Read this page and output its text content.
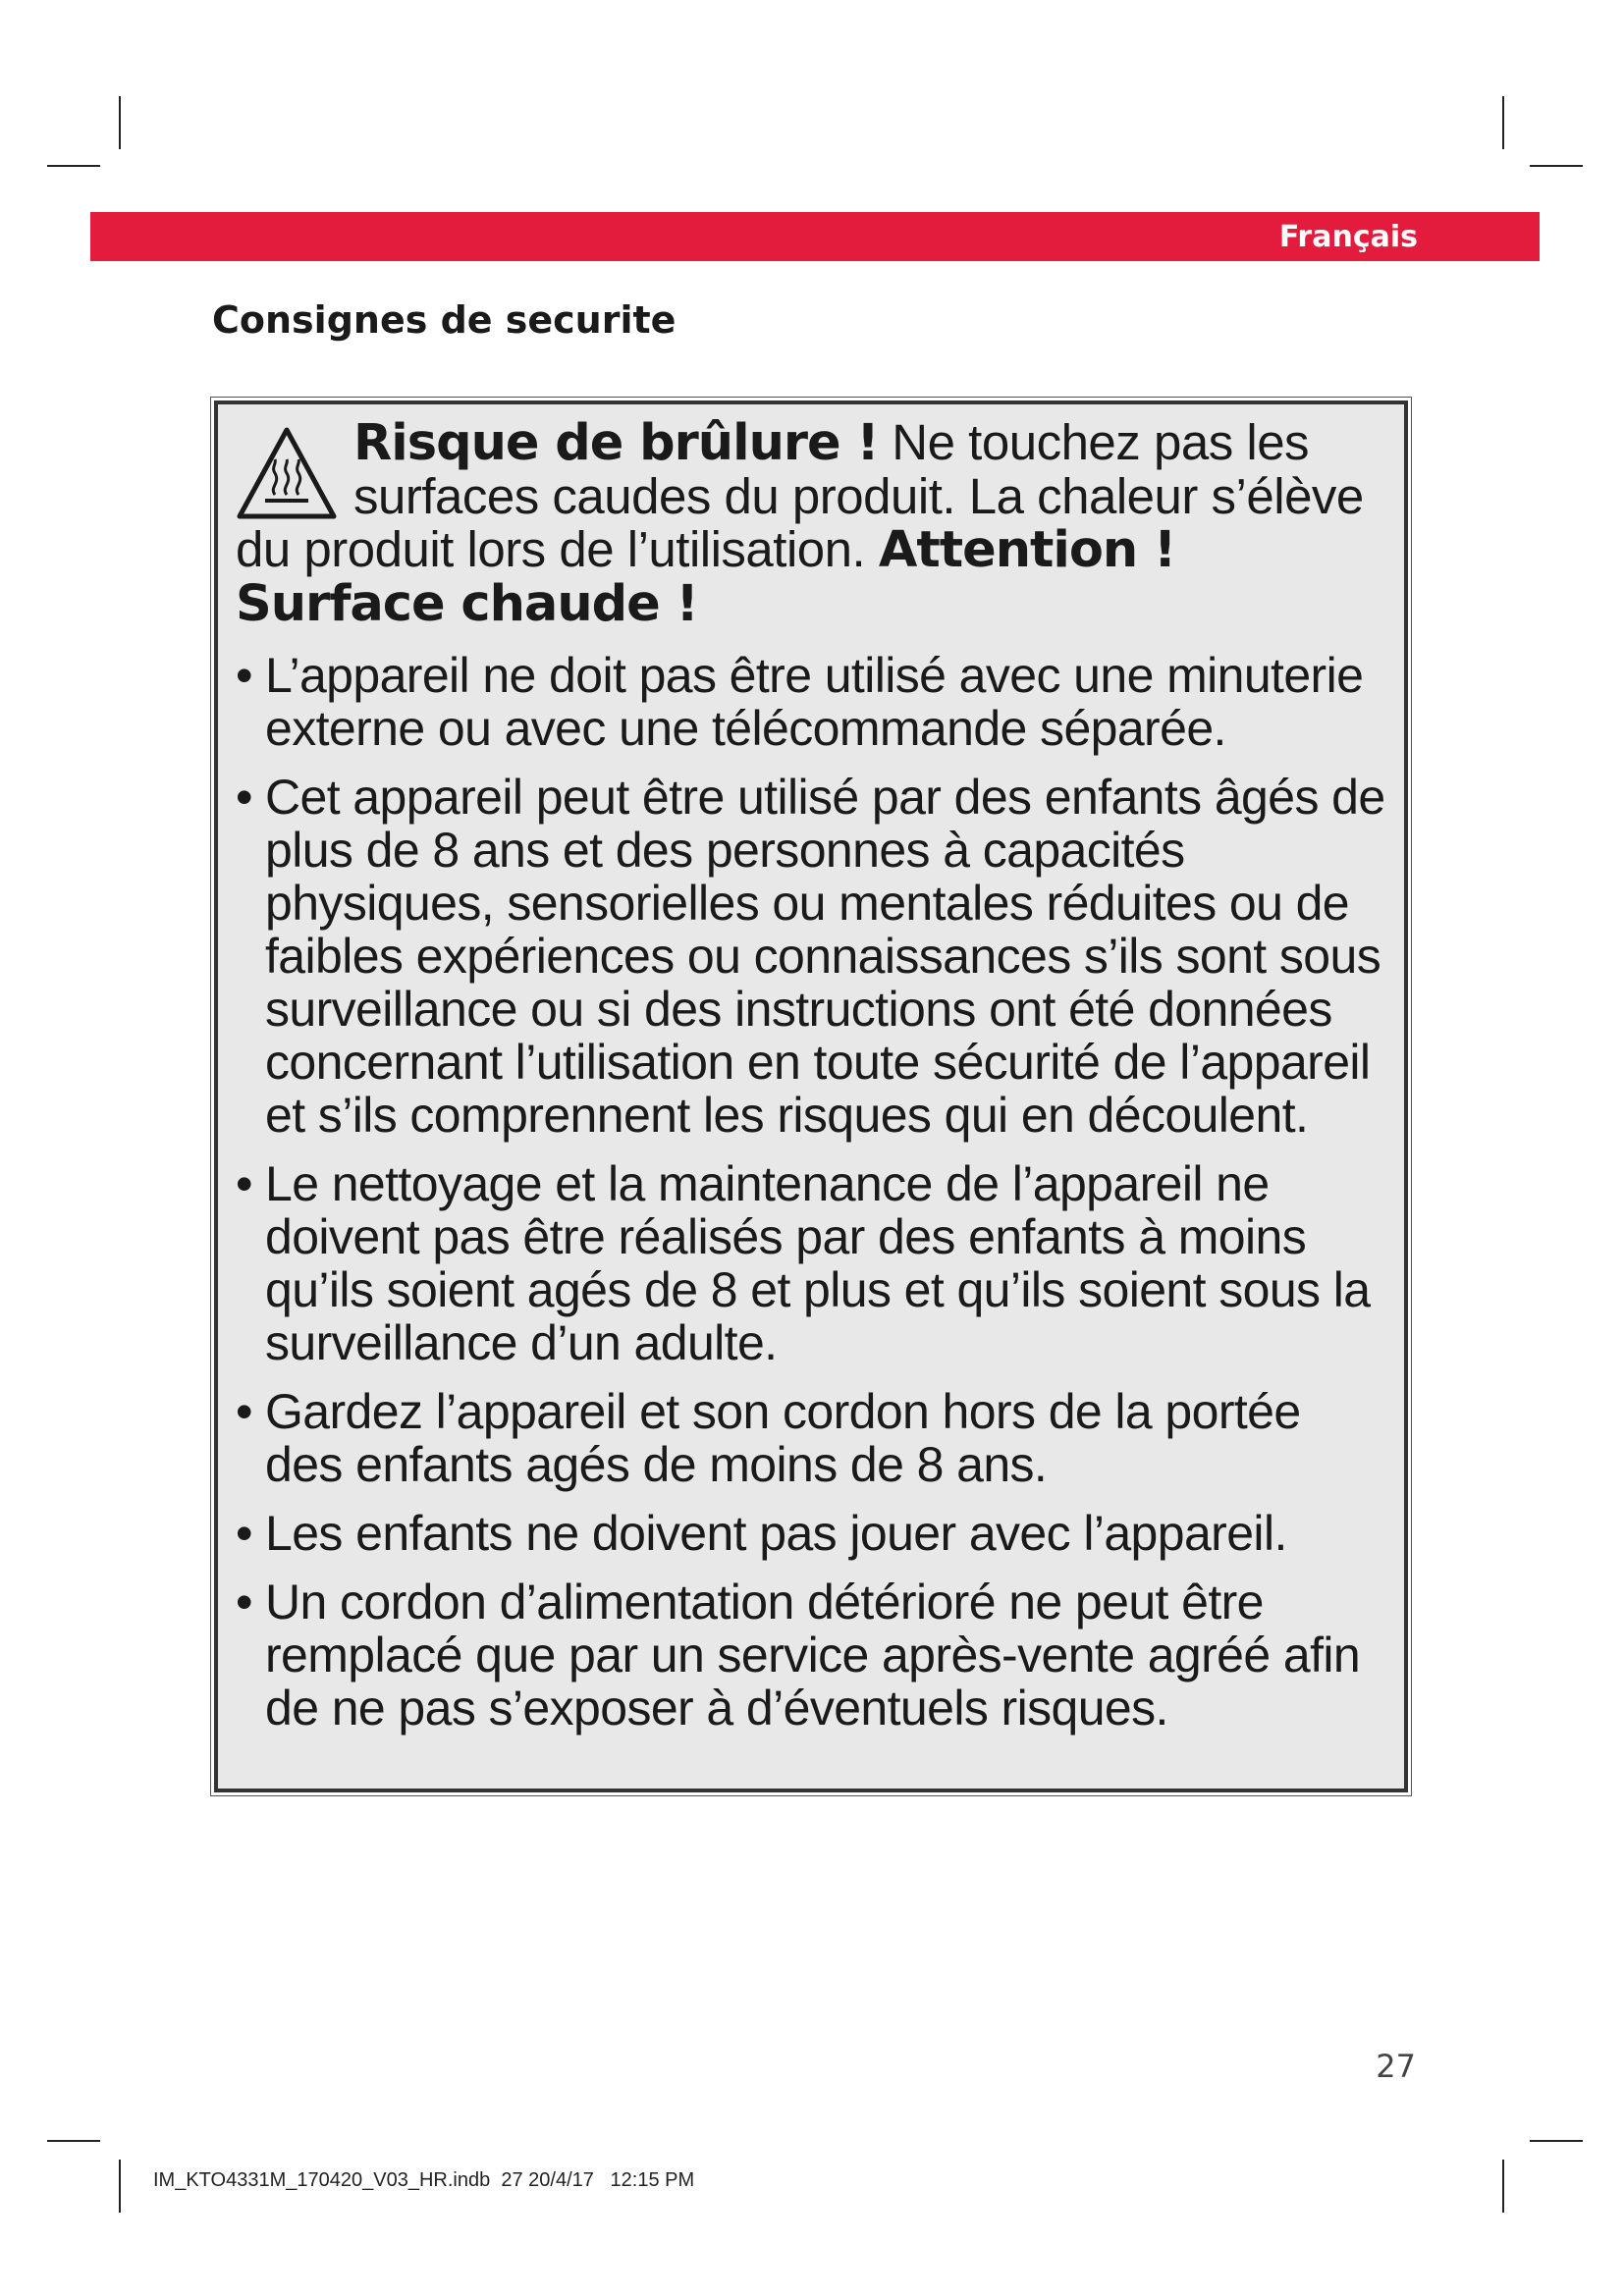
Français
Consignes de securite
Risque de brûlure ! Ne touchez pas les surfaces caudes du produit. La chaleur s’élève du produit lors de l’utilisation. Attention ! Surface chaude !
• L’appareil ne doit pas être utilisé avec une minuterie externe ou avec une télécommande séparée.
• Cet appareil peut être utilisé par des enfants âgés de plus de 8 ans et des personnes à capacités physiques, sensorielles ou mentales réduites ou de faibles expériences ou connaissances s’ils sont sous surveillance ou si des instructions ont été données concernant l’utilisation en toute sécurité de l’appareil et s’ils comprennent les risques qui en découlent.
• Le nettoyage et la maintenance de l’appareil ne doivent pas être réalisés par des enfants à moins qu’ils soient agés de 8 et plus et qu’ils soient sous la surveillance d’un adulte.
• Gardez l’appareil et son cordon hors de la portée des enfants agés de moins de 8 ans.
• Les enfants ne doivent pas jouer avec l’appareil.
• Un cordon d’alimentation détérioré ne peut être remplacé que par un service après-vente agréé afin de ne pas s’exposer à d’éventuels risques.
27
IM_KTO4331M_170420_V03_HR.indb 27 20/4/17 12:15 PM
